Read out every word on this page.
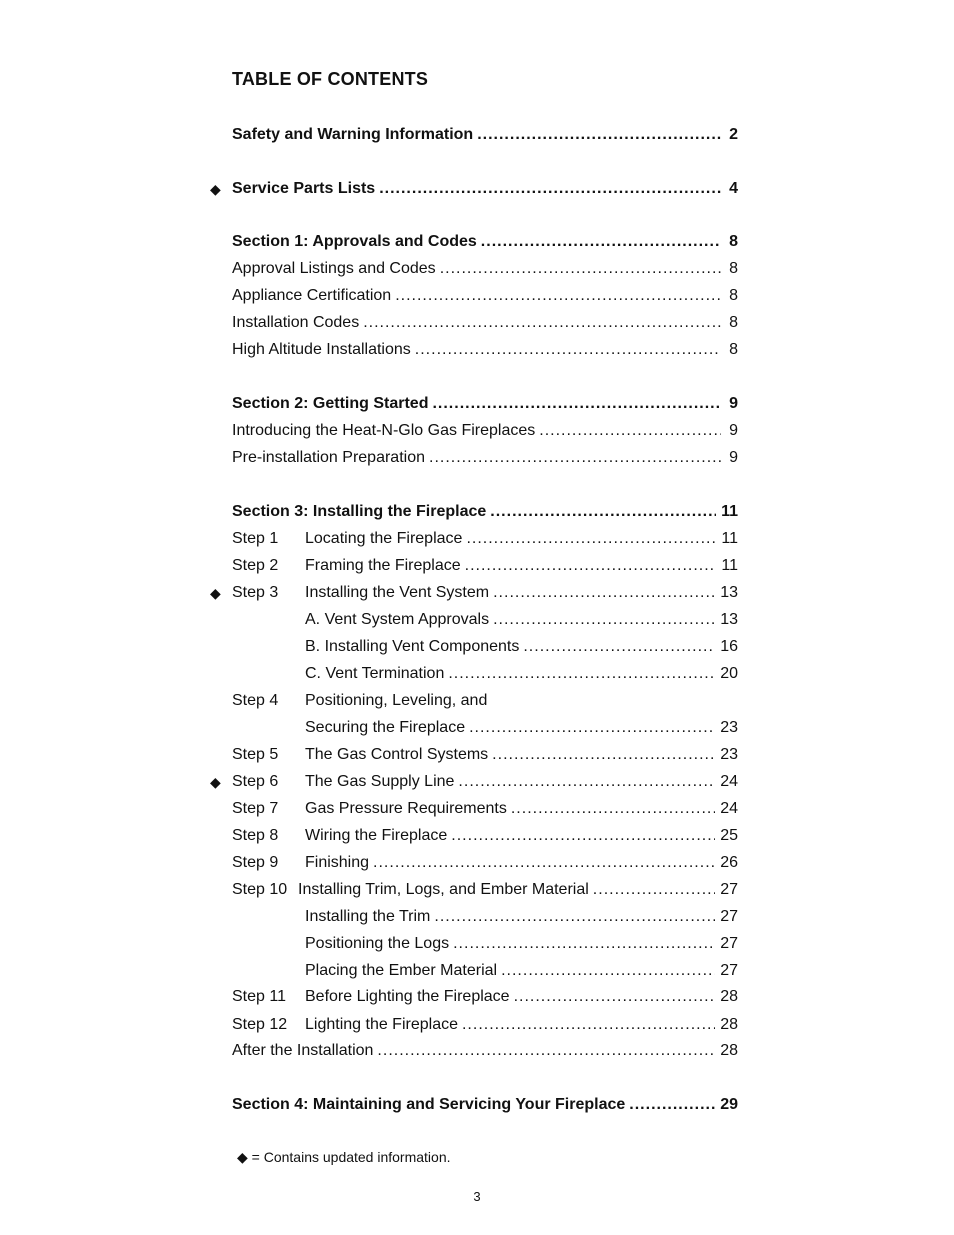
TABLE OF CONTENTS
Safety and Warning Information .....	2
◆ Service Parts Lists .....	4
Section 1: Approvals and Codes .....	8
Approval Listings and Codes .....	8
Appliance Certification .....	8
Installation Codes .....	8
High Altitude Installations .....	8
Section 2: Getting Started .....	9
Introducing the Heat-N-Glo Gas Fireplaces .....	9
Pre-installation Preparation .....	9
Section 3: Installing the Fireplace .....	11
Step 1 Locating the Fireplace .....	11
Step 2 Framing the Fireplace .....	11
◆ Step 3 Installing the Vent System .....	13
A. Vent System Approvals .....	13
B. Installing Vent Components .....	16
C. Vent Termination .....	20
Step 4 Positioning, Leveling, and
Securing the Fireplace .....	23
Step 5 The Gas Control Systems .....	23
◆ Step 6 The Gas Supply Line .....	24
Step 7 Gas Pressure Requirements .....	24
Step 8 Wiring the Fireplace .....	25
Step 9 Finishing .....	26
Step 10 Installing Trim, Logs, and Ember Material .....	27
Installing the Trim .....	27
Positioning the Logs .....	27
Placing the Ember Material .....	27
Step 11 Before Lighting the Fireplace .....	28
Step 12 Lighting the Fireplace .....	28
After the Installation .....	28
Section 4: Maintaining and Servicing Your Fireplace .....	29
◆ = Contains updated information.
3
